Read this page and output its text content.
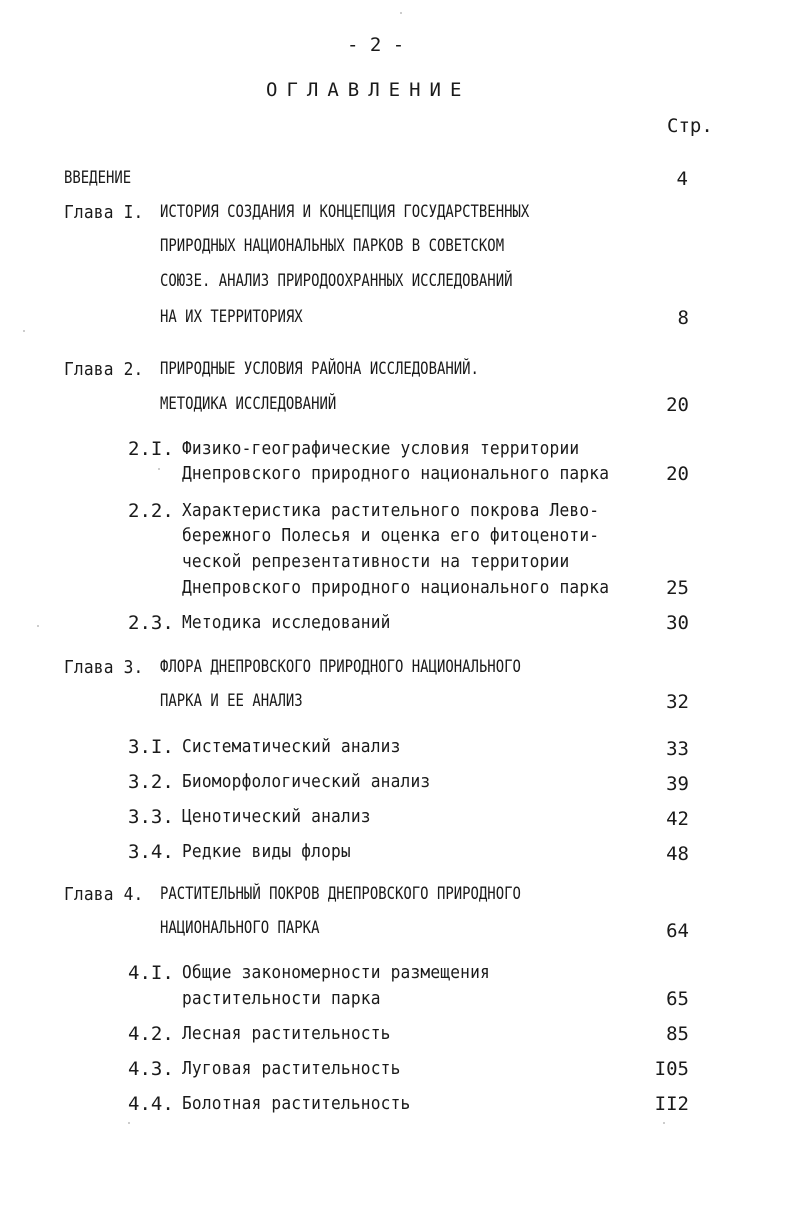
- 2 -
ОГЛАВЛЕНИЕ
Стр.
ВВЕДЕНИЕ	4
Глава I. ИСТОРИЯ СОЗДАНИЯ И КОНЦЕПЦИЯ ГОСУДАРСТВЕННЫХ
ПРИРОДНЫХ НАЦИОНАЛЬНЫХ ПАРКОВ В СОВЕТСКОМ
СОЮЗЕ. АНАЛИЗ ПРИРОДООХРАННЫХ ИССЛЕДОВАНИЙ
НА ИХ ТЕРРИТОРИЯХ	8
Глава 2. ПРИРОДНЫЕ УСЛОВИЯ РАЙОНА ИССЛЕДОВАНИЙ.
МЕТОДИКА ИССЛЕДОВАНИЙ	20
2.I. Физико-географические условия территории
Днепровского природного национального парка	20
2.2. Характеристика растительного покрова Лево-
бережного Полесья и оценка его фитоценоти-
ческой репрезентативности на территории
Днепровского природного национального парка	25
2.3. Методика исследований	30
Глава 3. ФЛОРА ДНЕПРОВСКОГО ПРИРОДНОГО НАЦИОНАЛЬНОГО
ПАРКА И ЕЕ АНАЛИЗ	32
3.I. Систематический анализ	33
3.2. Биоморфологический анализ	39
3.3. Ценотический анализ	42
3.4. Редкие виды флоры	48
Глава 4. РАСТИТЕЛЬНЫЙ ПОКРОВ ДНЕПРОВСКОГО ПРИРОДНОГО
НАЦИОНАЛЬНОГО ПАРКА	64
4.I. Общие закономерности размещения
растительности парка	65
4.2. Лесная растительность	85
4.3. Луговая растительность	I05
4.4. Болотная растительность	II2
